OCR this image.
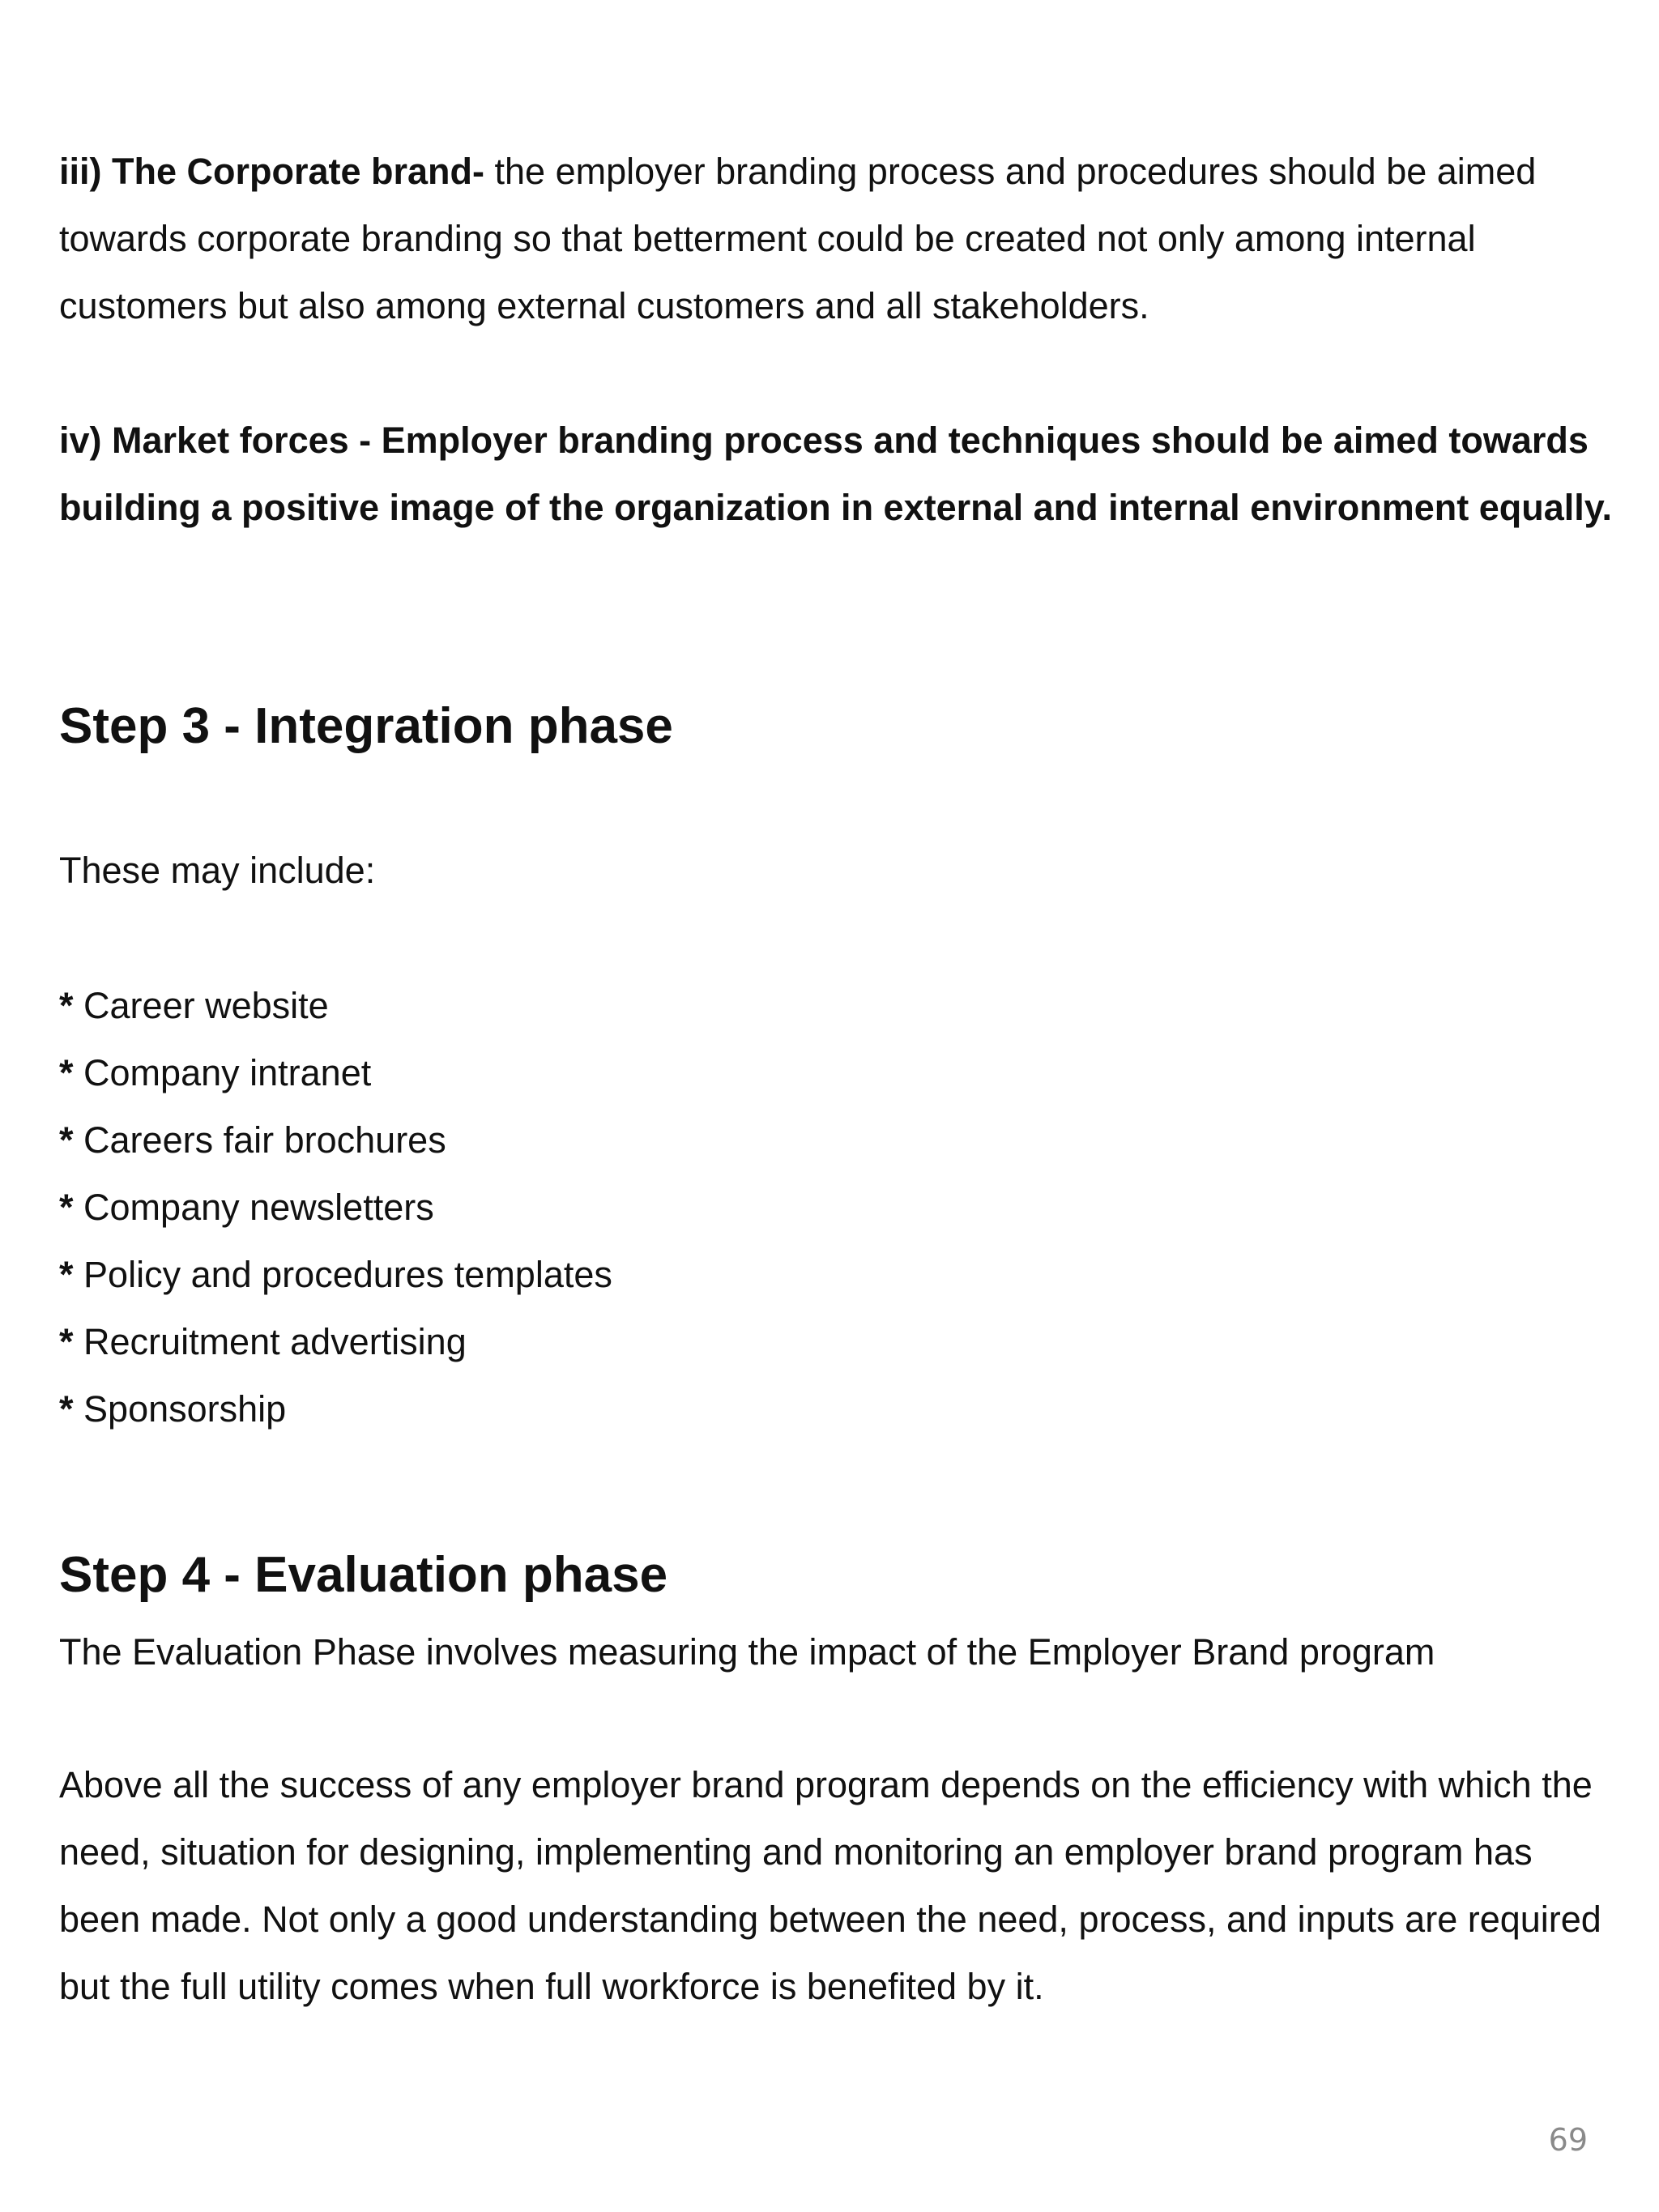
iii) The Corporate brand- the employer branding process and procedures should be aimed towards corporate branding so that betterment could be created not only among internal customers but also among external customers and all stakeholders.

iv) Market forces - Employer branding process and techniques should be aimed towards building a positive image of the organization in external and internal environment equally.

Step 3 - Integration phase

These may include:

* Career website
* Company intranet
* Careers fair brochures
* Company newsletters
* Policy and procedures templates
* Recruitment advertising
* Sponsorship
Step 4 - Evaluation phase

The Evaluation Phase involves measuring the impact of the Employer Brand program

Above all the success of any employer brand program depends on the efficiency with which the need, situation for designing, implementing and monitoring an employer brand program has been made. Not only a good understanding between the need, process, and inputs are required but the full utility comes when full workforce is benefited by it.

69
